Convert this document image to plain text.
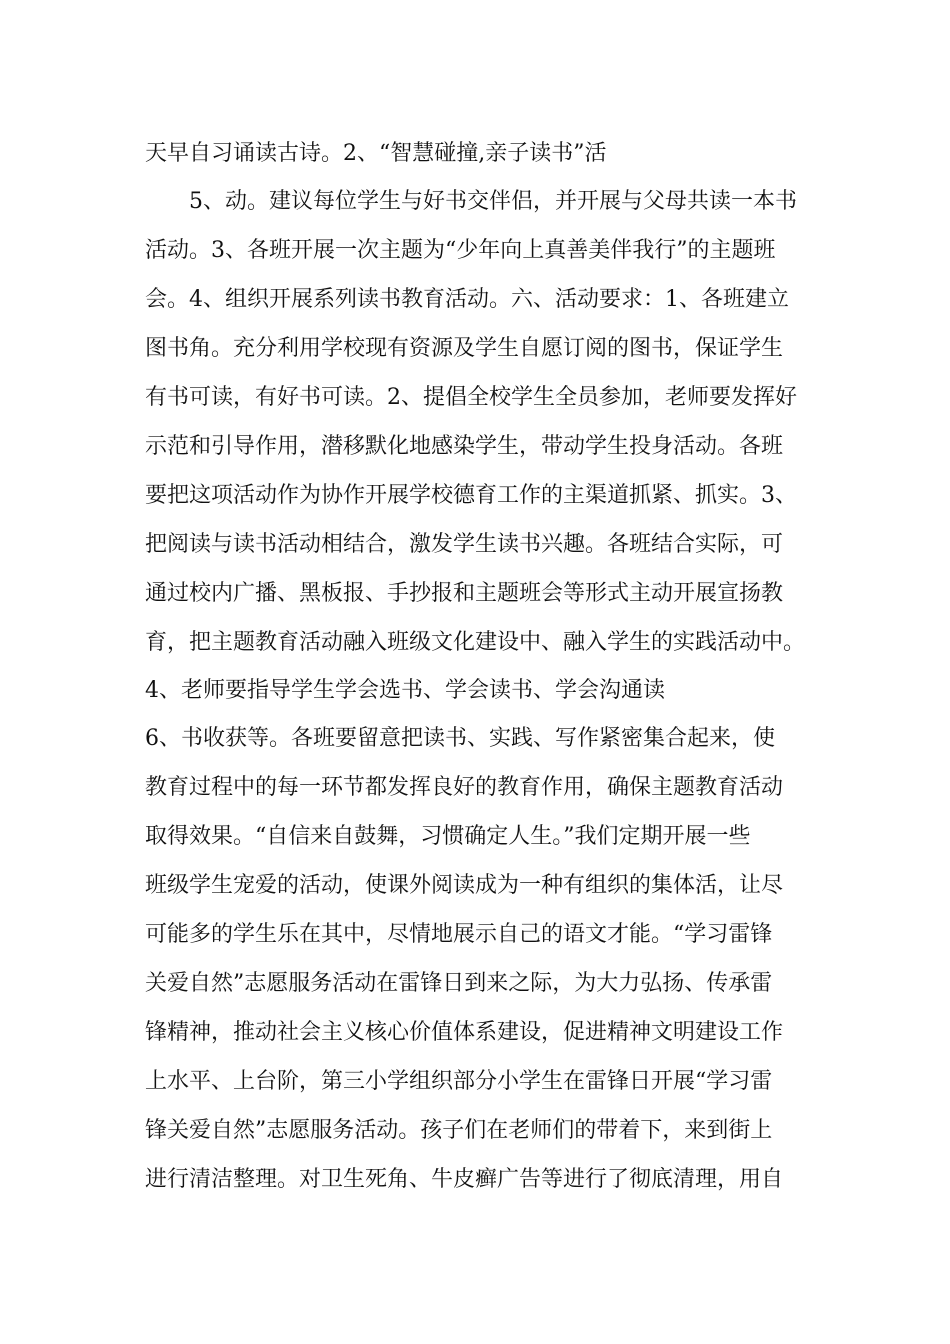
天早自习诵读古诗。2、“智慧碰撞,亲子读书”活

　　5、动。建议每位学生与好书交伴侣，并开展与父母共读一本书

活动。3、各班开展一次主题为“少年向上真善美伴我行”的主题班

会。4、组织开展系列读书教育活动。六、活动要求：1、各班建立

图书角。充分利用学校现有资源及学生自愿订阅的图书，保证学生

有书可读，有好书可读。2、提倡全校学生全员参加，老师要发挥好

示范和引导作用，潜移默化地感染学生，带动学生投身活动。各班

要把这项活动作为协作开展学校德育工作的主渠道抓紧、抓实。3、

把阅读与读书活动相结合，激发学生读书兴趣。各班结合实际，可

通过校内广播、黑板报、手抄报和主题班会等形式主动开展宣扬教

育，把主题教育活动融入班级文化建设中、融入学生的实践活动中。

4、老师要指导学生学会选书、学会读书、学会沟通读

6、书收获等。各班要留意把读书、实践、写作紧密集合起来，使

教育过程中的每一环节都发挥良好的教育作用，确保主题教育活动

取得效果。“自信来自鼓舞，习惯确定人生。”我们定期开展一些

班级学生宠爱的活动，使课外阅读成为一种有组织的集体活，让尽

可能多的学生乐在其中，尽情地展示自己的语文才能。“学习雷锋

关爱自然”志愿服务活动在雷锋日到来之际，为大力弘扬、传承雷

锋精神，推动社会主义核心价值体系建设，促进精神文明建设工作

上水平、上台阶，第三小学组织部分小学生在雷锋日开展“学习雷

锋关爱自然”志愿服务活动。孩子们在老师们的带着下，来到街上

进行清洁整理。对卫生死角、牛皮癣广告等进行了彻底清理，用自
